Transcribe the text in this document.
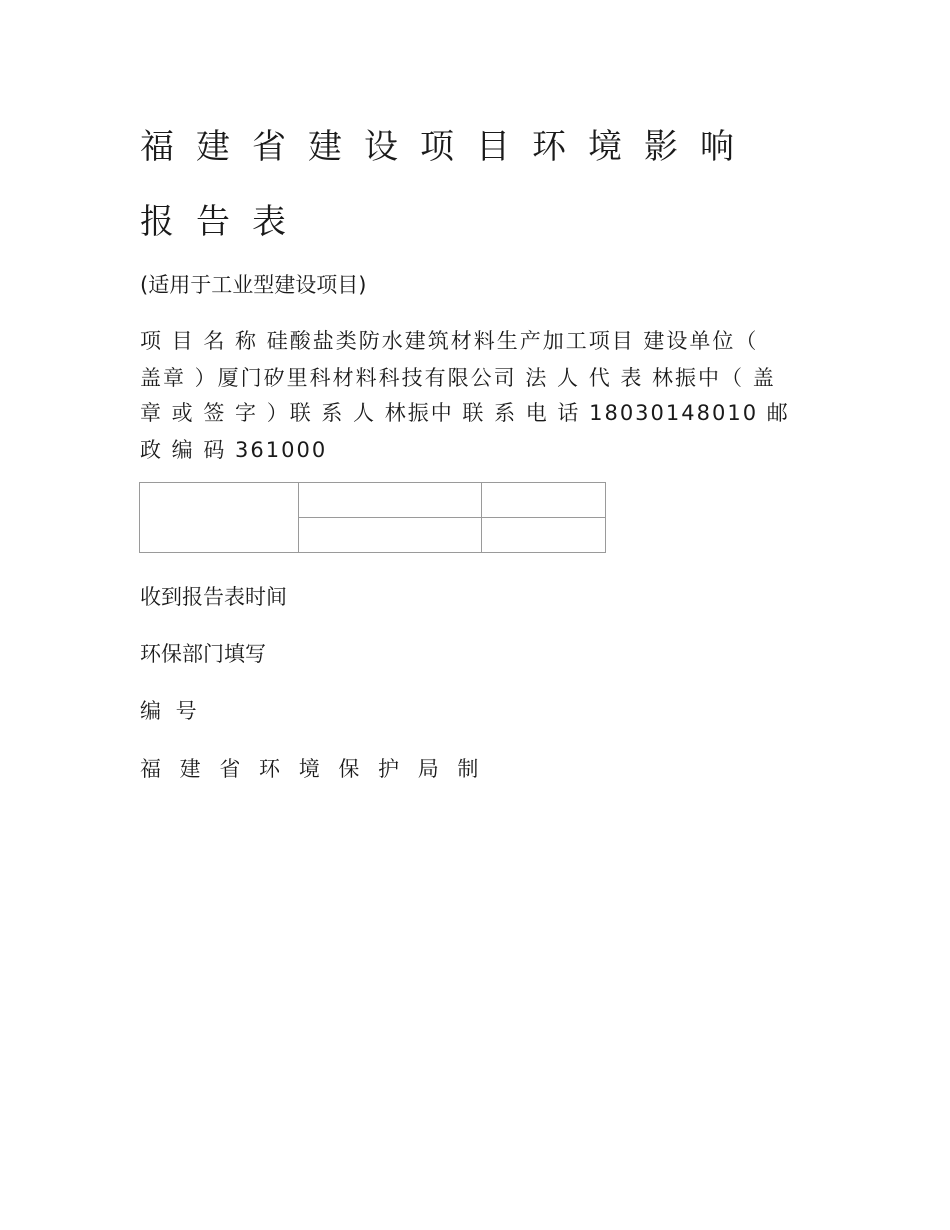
福建省建设项目环境影响
报告表
(适用于工业型建设项目)
项 目 名 称 硅酸盐类防水建筑材料生产加工项目 建设单位（
盖章 ）厦门矽里科材料科技有限公司 法 人 代 表 林振中（ 盖
章 或 签 字 ）联 系 人 林振中 联 系 电 话 18030148010 邮
政 编 码 361000

收到报告表时间
环保部门填写
编 号
福 建 省 环 境 保 护 局 制
